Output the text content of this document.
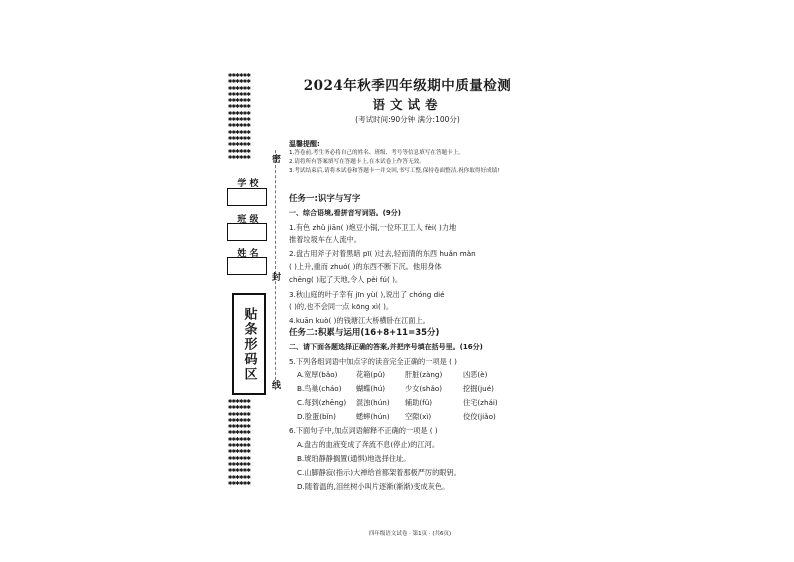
✱✱✱✱✱✱
✱✱✱✱✱✱
✱✱✱✱✱✱
✱✱✱✱✱✱
✱✱✱✱✱✱
✱✱✱✱✱✱
✱✱✱✱✱✱
✱✱✱✱✱✱
✱✱✱✱✱✱
✱✱✱✱✱✱
✱✱✱✱✱✱
✱✱✱✱✱✱
✱✱✱✱✱✱
✱✱✱✱✱✱
学 校
班 级
姓 名
贴条形码区
✱✱✱✱✱✱
✱✱✱✱✱✱
✱✱✱✱✱✱
✱✱✱✱✱✱
✱✱✱✱✱✱
✱✱✱✱✱✱
✱✱✱✱✱✱
✱✱✱✱✱✱
✱✱✱✱✱✱
✱✱✱✱✱✱
✱✱✱✱✱✱
✱✱✱✱✱✱
✱✱✱✱✱✱
✱✱✱✱✱✱
密
封
线
2024年秋季四年级期中质量检测
语文试卷
(考试时间:90分钟 满分:100分)
温馨提醒:
1.答卷前,考生务必将自己的姓名、班级、考号等信息填写在答题卡上。
2.请将所有答案填写在答题卡上,在本试卷上作答无效。
3.考试结束后,请将本试卷和答题卡一并交回,书写工整,保持卷面整洁,祝你取得好成绩!
任务一:识字与写字
一、综合语境,看拼音写词语。(9分)
1.有色 zhǔ jiān( )炮豆小锅,一位环卫工人 fèi( )力地
推着垃圾车在人流中。
2.盘古用斧子对着黑暗 pī( )过去,轻而清的东西 huǎn màn
( )上升,重而 zhuó( )的东西不断下沉。他用身体
chēng( )起了天地,令人 pèi fú( )。
3.秋山庭的叶子幸有 jīn yù( ),说出了 chóng dié
( )的,也不会同一点 kōng xì( )。
4.kuān kuò( )的钱塘江大桥横卧在江面上。
任务二:积累与运用(16+8+11=35分)
二、请下面各题选择正确的答案,并把序号填在括号里。(16分)
5.下列各组词语中加点字的读音完全正确的一项是 ( )
A.宽厚(bǎo)	花箱(pǔ)	肝脏(zàng)	凶恶(è)
B.鸟巢(cháo) 蝴蝶(hú)	少女(shǎo)	挖掘(jué)
C.每到(zhēng) 混浊(hún) 辅助(fǔ)	住宅(zhái)
D.脸蛋(bǐn)	蟋蟀(hún) 空隙(xì)	佼佼(jiǎo)
6.下面句子中,加点词语解释不正确的一项是 ( )
A.盘古的血液变成了奔流不息(停止)的江河。
B.琥珀静静搁置(通惧)地选择住址。
C.山脚静寂(指示)大禅给首都架着那极严厉的眼钥。
D.随着温的,泪丝树小叫片逐渐(渐渐)变成灰色。
四年级语文试卷 · 第1页 · (共6页)
